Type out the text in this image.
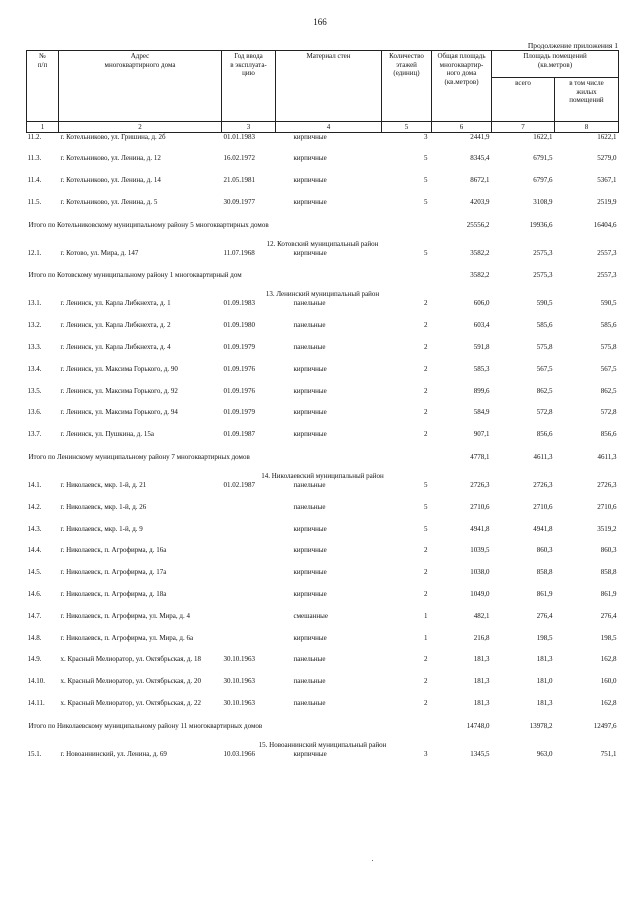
166
Продолжение приложения 1
№
п/п	Адрес
многоквартирного дома	Год ввода
в эксплуата-
цию	Материал стен	Количество
этажей
(единиц)	Общая площадь
многоквартир-
ного дома
(кв.метров)	Площадь помещений
(кв.метров)	
						всего	в том числе
жилых
помещений
1	2	3	4	5	6	7	8
11.2.	г. Котельниково, ул. Гришина, д. 2б	01.01.1983	кирпичные	3	2441,9	1622,1	1622,1
11.3.	г. Котельниково, ул. Ленина, д. 12	16.02.1972	кирпичные	5	8345,4	6791,5	5279,0
11.4.	г. Котельниково, ул. Ленина, д. 14	21.05.1981	кирпичные	5	8672,1	6797,6	5367,1
11.5.	г. Котельниково, ул. Ленина, д. 5	30.09.1977	кирпичные	5	4203,9	3108,9	2519,9
Итого по Котельниковскому муниципальному району 5 многоквартирных домов					25556,2	19936,6	16404,6
12. Котовский муниципальный район							
12.1.	г. Котово, ул. Мира, д. 147	11.07.1968	кирпичные	5	3582,2	2575,3	2557,3
Итого по Котовскому муниципальному району 1 многоквартирный дом					3582,2	2575,3	2557,3
13. Ленинский муниципальный район							
13.1.	г. Ленинск, ул. Карла Либкнехта, д. 1	01.09.1983	панельные	2	606,0	590,5	590,5
13.2.	г. Ленинск, ул. Карла Либкнехта, д. 2	01.09.1980	панельные	2	603,4	585,6	585,6
13.3.	г. Ленинск, ул. Карла Либкнехта, д. 4	01.09.1979	панельные	2	591,8	575,8	575,8
13.4.	г. Ленинск, ул. Максима Горького, д. 90	01.09.1976	кирпичные	2	585,3	567,5	567,5
13.5.	г. Ленинск, ул. Максима Горького, д. 92	01.09.1976	кирпичные	2	899,6	862,5	862,5
13.6.	г. Ленинск, ул. Максима Горького, д. 94	01.09.1979	кирпичные	2	584,9	572,8	572,8
13.7.	г. Ленинск, ул. Пушкина, д. 15а	01.09.1987	кирпичные	2	907,1	856,6	856,6
Итого по Ленинскому муниципальному району 7 многоквартирных домов					4778,1	4611,3	4611,3
14. Николаевский муниципальный район							
14.1.	г. Николаевск, мкр. 1-й, д. 21	01.02.1987	панельные	5	2726,3	2726,3	2726,3
14.2.	г. Николаевск, мкр. 1-й, д. 26		панельные	5	2710,6	2710,6	2710,6
14.3.	г. Николаевск, мкр. 1-й, д. 9		кирпичные	5	4941,8	4941,8	3519,2
14.4.	г. Николаевск, п. Агрофирма, д. 16а		кирпичные	2	1039,5	860,3	860,3
14.5.	г. Николаевск, п. Агрофирма, д. 17а		кирпичные	2	1038,0	858,8	858,8
14.6.	г. Николаевск, п. Агрофирма, д. 18а		кирпичные	2	1049,0	861,9	861,9
14.7.	г. Николаевск, п. Агрофирма, ул. Мира, д. 4		смешанные	1	482,1	276,4	276,4
14.8.	г. Николаевск, п. Агрофирма, ул. Мира, д. 6а		кирпичные	1	216,8	198,5	198,5
14.9.	х. Красный Мелиоратор, ул. Октябрьская, д. 18	30.10.1963	панельные	2	181,3	181,3	162,8
14.10.	х. Красный Мелиоратор, ул. Октябрьская, д. 20	30.10.1963	панельные	2	181,3	181,0	160,0
14.11.	х. Красный Мелиоратор, ул. Октябрьская, д. 22	30.10.1963	панельные	2	181,3	181,3	162,8
Итого по Николаевскому муниципальному району 11 многоквартирных домов					14748,0	13978,2	12497,6
15. Новоаннинский муниципальный район							
15.1.	г. Новоаннинский, ул. Ленина, д. 69	10.03.1966	кирпичные	3	1345,5	963,0	751,1
